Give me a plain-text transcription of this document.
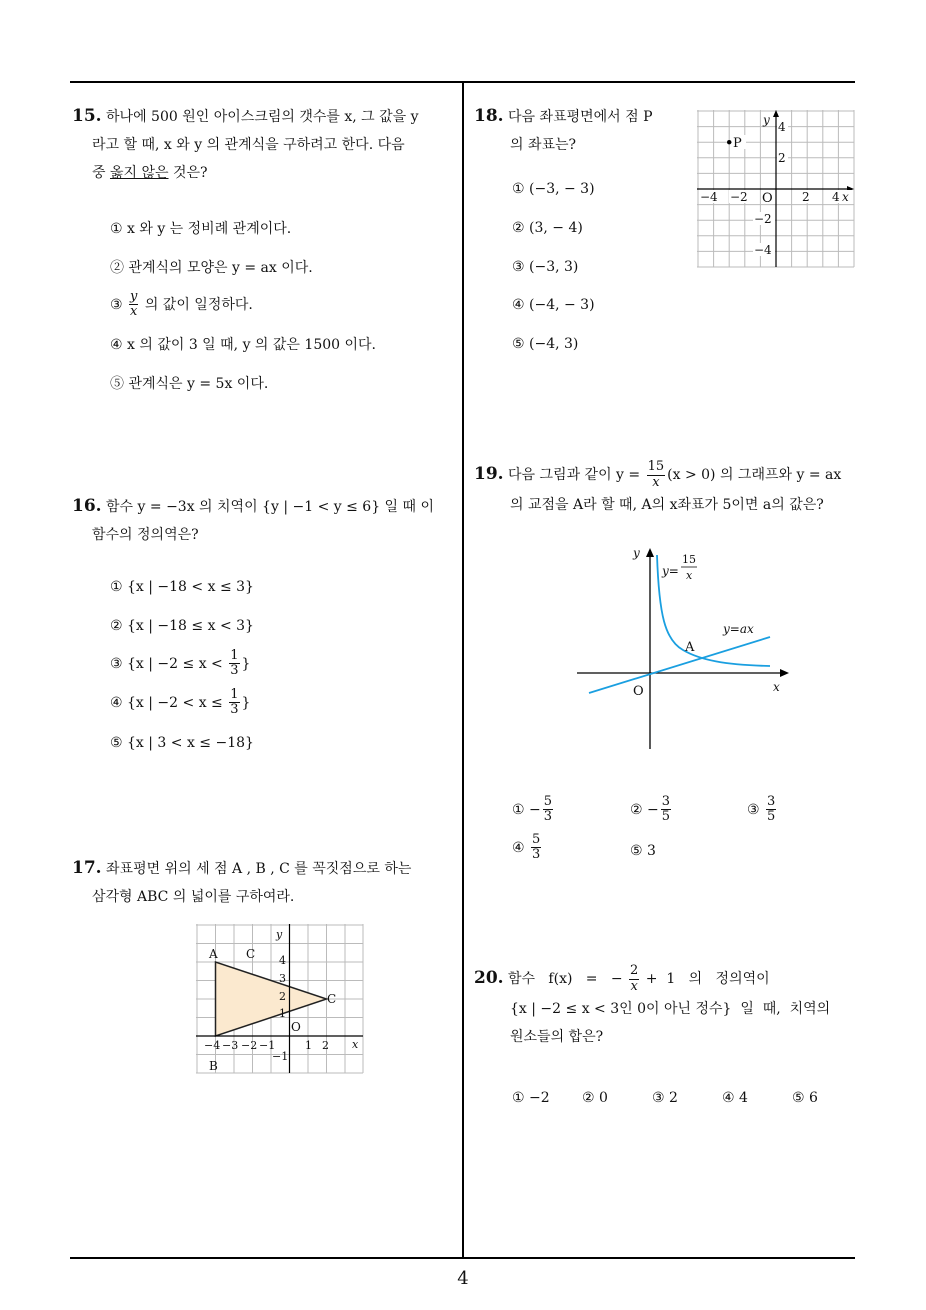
4
15. 하나에 500 원인 아이스크림의 갯수를 x, 그 값을 y
라고 할 때, x 와 y 의 관계식을 구하려고 한다. 다음
중 옳지 않은 것은?
① x 와 y 는 정비례 관계이다.
② 관계식의 모양은 y = ax 이다.
③ $\frac{y}{x}$ 의 값이 일정하다.
④ x 의 값이 3 일 때, y 의 값은 1500 이다.
⑤ 관계식은 y = 5x 이다.
16. 함수 y = −3x 의 치역이 {y | −1 < y ≤ 6} 일 때 이
함수의 정의역은?
① {x | −18 < x ≤ 3}
② {x | −18 ≤ x < 3}
③ {x | $-2 \le x < \frac{1}{3}$ }
④ {x | $-2 < x \le \frac{1}{3}$ }
⑤ {x | 3 < x ≤ −18}
17. 좌표평면 위의 세 점 A , B , C 를 꼭짓점으로 하는
삼각형 ABC 의 넓이를 구하여라.
y
x
A C
B
C
O
4
3
2
1
−1
−4 −3 −2 −1	1 2
18. 다음 좌표평면에서 점 P
의 좌표는?
① (−3, − 3)
② (3, − 4)
③ (−3, 3)
④ (−4, − 3)
⑤ (−4, 3)
P
y
x
O
4
2
−2
−4
−4 −2	2 4
19. 다음 그림과 같이 $y = \frac{15}{x} (x > 0)$ 의 그래프와 y = ax
의 교점을 A라 할 때, A의 x좌표가 5이면 a의 값은?
y
x
O
A
y=
15
x
y=ax
① − $\frac{5}{3}$	② − $\frac{3}{5}$	③ $\frac{3}{5}$
④ $\frac{5}{3}$	⑤ 3
20. 함수   f(x)   =   − $\frac{2}{x} + 1$   의   정의역이
{x | −2 ≤ x < 3인 0이 아닌 정수}  일  때,  치역의
원소들의 합은?
① −2 ② 0	③ 2	④ 4	⑤ 6
